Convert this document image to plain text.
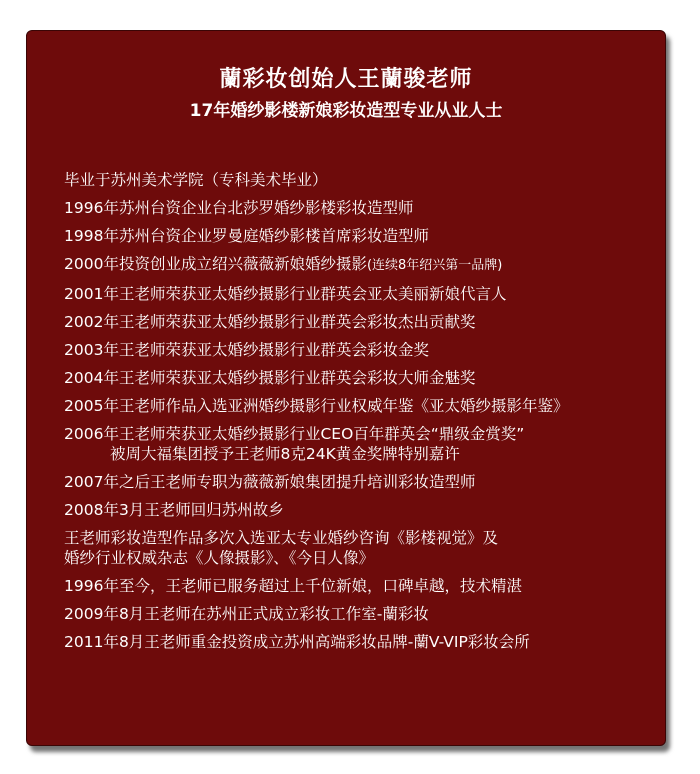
蘭彩妆创始人王蘭骏老师
17年婚纱影楼新娘彩妆造型专业从业人士
毕业于苏州美术学院（专科美术毕业）
1996年苏州台资企业台北莎罗婚纱影楼彩妆造型师
1998年苏州台资企业罗曼庭婚纱影楼首席彩妆造型师
2000年投资创业成立绍兴薇薇新娘婚纱摄影(连续8年绍兴第一品牌)
2001年王老师荣获亚太婚纱摄影行业群英会亚太美丽新娘代言人
2002年王老师荣获亚太婚纱摄影行业群英会彩妆杰出贡献奖
2003年王老师荣获亚太婚纱摄影行业群英会彩妆金奖
2004年王老师荣获亚太婚纱摄影行业群英会彩妆大师金魅奖
2005年王老师作品入选亚洲婚纱摄影行业权威年鉴《亚太婚纱摄影年鉴》
2006年王老师荣获亚太婚纱摄影行业CEO百年群英会“鼎级金赏奖”
被周大福集团授予王老师8克24K黄金奖牌特别嘉许
2007年之后王老师专职为薇薇新娘集团提升培训彩妆造型师
2008年3月王老师回归苏州故乡
王老师彩妆造型作品多次入选亚太专业婚纱咨询《影楼视觉》及
婚纱行业权威杂志《人像摄影》、《今日人像》
1996年至今，王老师已服务超过上千位新娘，口碑卓越，技术精湛
2009年8月王老师在苏州正式成立彩妆工作室-蘭彩妆
2011年8月王老师重金投资成立苏州高端彩妆品牌-蘭V-VIP彩妆会所
